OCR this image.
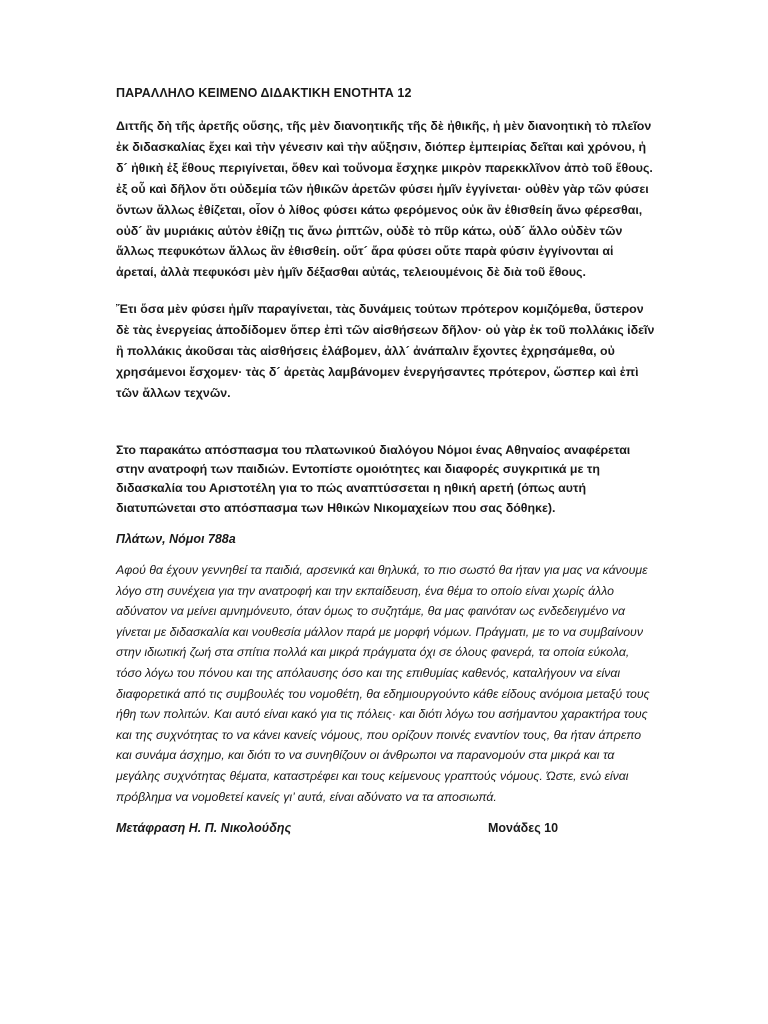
ΠΑΡΑΛΛΗΛΟ ΚΕΙΜΕΝΟ ΔΙΔΑΚΤΙΚΗ ΕΝΟΤΗΤΑ 12

Διττῆς δὴ τῆς ἀρετῆς οὔσης, τῆς μὲν διανοητικῆς τῆς δὲ ἠθικῆς, ἡ μὲν διανοητικὴ τὸ πλεῖον ἐκ διδασκαλίας ἔχει καὶ τὴν γένεσιν καὶ τὴν αὔξησιν, διόπερ ἐμπειρίας δεῖται καὶ χρόνου, ἡ δ´ ἠθικὴ ἐξ ἔθους περιγίνεται, ὅθεν καὶ τοὔνομα ἔσχηκε μικρὸν παρεκκλῖνον ἀπὸ τοῦ ἔθους. ἐξ οὗ καὶ δῆλον ὅτι οὐδεμία τῶν ἠθικῶν ἀρετῶν φύσει ἡμῖν ἐγγίνεται· οὐθὲν γὰρ τῶν φύσει ὄντων ἄλλως ἐθίζεται, οἷον ὁ λίθος φύσει κάτω φερόμενος οὐκ ἂν ἐθισθείη ἄνω φέρεσθαι, οὐδ´ ἂν μυριάκις αὐτὸν ἐθίζῃ τις ἄνω ῥιπτῶν, οὐδὲ τὸ πῦρ κάτω, οὐδ´ ἄλλο οὐδὲν τῶν ἄλλως πεφυκότων ἄλλως ἂν ἐθισθείη. οὔτ´ ἄρα φύσει οὔτε παρὰ φύσιν ἐγγίνονται αἱ ἀρεταί, ἀλλὰ πεφυκόσι μὲν ἡμῖν δέξασθαι αὐτάς, τελειουμένοις δὲ διὰ τοῦ ἔθους.

Ἔτι ὅσα μὲν φύσει ἡμῖν παραγίνεται, τὰς δυνάμεις τούτων πρότερον κομιζόμεθα, ὕστερον δὲ τὰς ἐνεργείας ἀποδίδομεν ὅπερ ἐπὶ τῶν αἰσθήσεων δῆλον· οὐ γὰρ ἐκ τοῦ πολλάκις ἰδεῖν ἢ πολλάκις ἀκοῦσαι τὰς αἰσθήσεις ἐλάβομεν, ἀλλ´ ἀνάπαλιν ἔχοντες ἐχρησάμεθα, οὐ χρησάμενοι ἔσχομεν· τὰς δ´ ἀρετὰς λαμβάνομεν ἐνεργήσαντες πρότερον, ὥσπερ καὶ ἐπὶ τῶν ἄλλων τεχνῶν.

Στο παρακάτω απόσπασμα του πλατωνικού διαλόγου Νόμοι ένας Αθηναίος αναφέρεται στην ανατροφή των παιδιών. Εντοπίστε ομοιότητες και διαφορές συγκριτικά με τη διδασκαλία του Αριστοτέλη για το πώς αναπτύσσεται η ηθική αρετή (όπως αυτή διατυπώνεται στο απόσπασμα των Ηθικών Νικομαχείων που σας δόθηκε).

Πλάτων, Νόμοι 788a

Αφού θα έχουν γεννηθεί τα παιδιά, αρσενικά και θηλυκά, το πιο σωστό θα ήταν για μας να κάνουμε λόγο στη συνέχεια για την ανατροφή και την εκπαίδευση, ένα θέμα το οποίο είναι χωρίς άλλο αδύνατον να μείνει αμνημόνευτο, όταν όμως το συζητάμε, θα μας φαινόταν ως ενδεδειγμένο να γίνεται με διδασκαλία και νουθεσία μάλλον παρά με μορφή νόμων. Πράγματι, με το να συμβαίνουν στην ιδιωτική ζωή στα σπίτια πολλά και μικρά πράγματα όχι σε όλους φανερά, τα οποία εύκολα, τόσο λόγω του πόνου και της απόλαυσης όσο και της επιθυμίας καθενός, καταλήγουν να είναι διαφορετικά από τις συμβουλές του νομοθέτη, θα εδημιουργούντο κάθε είδους ανόμοια μεταξύ τους ήθη των πολιτών. Και αυτό είναι κακό για τις πόλεις· και διότι λόγω του ασήμαντου χαρακτήρα τους και της συχνότητας το να κάνει κανείς νόμους, που ορίζουν ποινές εναντίον τους, θα ήταν άπρεπο και συνάμα άσχημο, και διότι το να συνηθίζουν οι άνθρωποι να παρανομούν στα μικρά και τα μεγάλης συχνότητας θέματα, καταστρέφει και τους κείμενους γραπτούς νόμους. Ώστε, ενώ είναι πρόβλημα να νομοθετεί κανείς γι’ αυτά, είναι αδύνατο να τα αποσιωπά.

Μετάφραση Η. Π. Νικολούδης	Μονάδες 10
